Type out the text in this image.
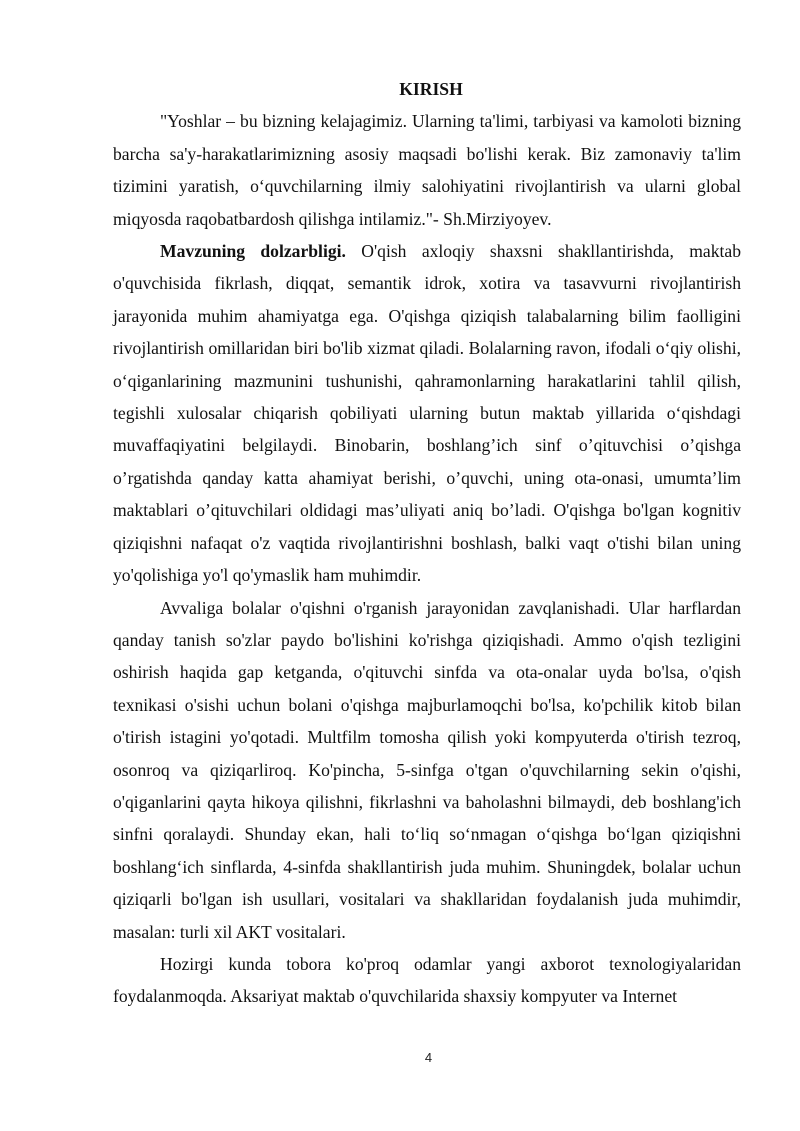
KIRISH

"Yoshlar – bu bizning kelajagimiz. Ularning ta'limi, tarbiyasi va kamoloti bizning barcha sa'y-harakatlarimizning asosiy maqsadi bo'lishi kerak. Biz zamonaviy ta'lim tizimini yaratish, o‘quvchilarning ilmiy salohiyatini rivojlantirish va ularni global miqyosda raqobatbardosh qilishga intilamiz."- Sh.Mirziyoyev.

Mavzuning dolzarbligi. O'qish axloqiy shaxsni shakllantirishda, maktab o'quvchisida fikrlash, diqqat, semantik idrok, xotira va tasavvurni rivojlantirish jarayonida muhim ahamiyatga ega. O'qishga qiziqish talabalarning bilim faolligini rivojlantirish omillaridan biri bo'lib xizmat qiladi. Bolalarning ravon, ifodali o‘qiy olishi, o‘qiganlarining mazmunini tushunishi, qahramonlarning harakatlarini tahlil qilish, tegishli xulosalar chiqarish qobiliyati ularning butun maktab yillarida o‘qishdagi muvaffaqiyatini belgilaydi. Binobarin, boshlang’ich sinf o’qituvchisi o’qishga o’rgatishda qanday katta ahamiyat berishi, o’quvchi, uning ota-onasi, umumta’lim maktablari o’qituvchilari oldidagi mas’uliyati aniq bo’ladi. O'qishga bo'lgan kognitiv qiziqishni nafaqat o'z vaqtida rivojlantirishni boshlash, balki vaqt o'tishi bilan uning yo'qolishiga yo'l qo'ymaslik ham muhimdir.

Avvaliga bolalar o'qishni o'rganish jarayonidan zavqlanishadi. Ular harflardan qanday tanish so'zlar paydo bo'lishini ko'rishga qiziqishadi. Ammo o'qish tezligini oshirish haqida gap ketganda, o'qituvchi sinfda va ota-onalar uyda bo'lsa, o'qish texnikasi o'sishi uchun bolani o'qishga majburlamoqchi bo'lsa, ko'pchilik kitob bilan o'tirish istagini yo'qotadi. Multfilm tomosha qilish yoki kompyuterda o'tirish tezroq, osonroq va qiziqarliroq. Ko'pincha, 5-sinfga o'tgan o'quvchilarning sekin o'qishi, o'qiganlarini qayta hikoya qilishni, fikrlashni va baholashni bilmaydi, deb boshlang'ich sinfni qoralaydi. Shunday ekan, hali to‘liq so‘nmagan o‘qishga bo‘lgan qiziqishni boshlang‘ich sinflarda, 4-sinfda shakllantirish juda muhim. Shuningdek, bolalar uchun qiziqarli bo'lgan ish usullari, vositalari va shakllaridan foydalanish juda muhimdir, masalan: turli xil AKT vositalari.

Hozirgi kunda tobora ko'proq odamlar yangi axborot texnologiyalaridan foydalanmoqda. Aksariyat maktab o'quvchilarida shaxsiy kompyuter va Internet

4
